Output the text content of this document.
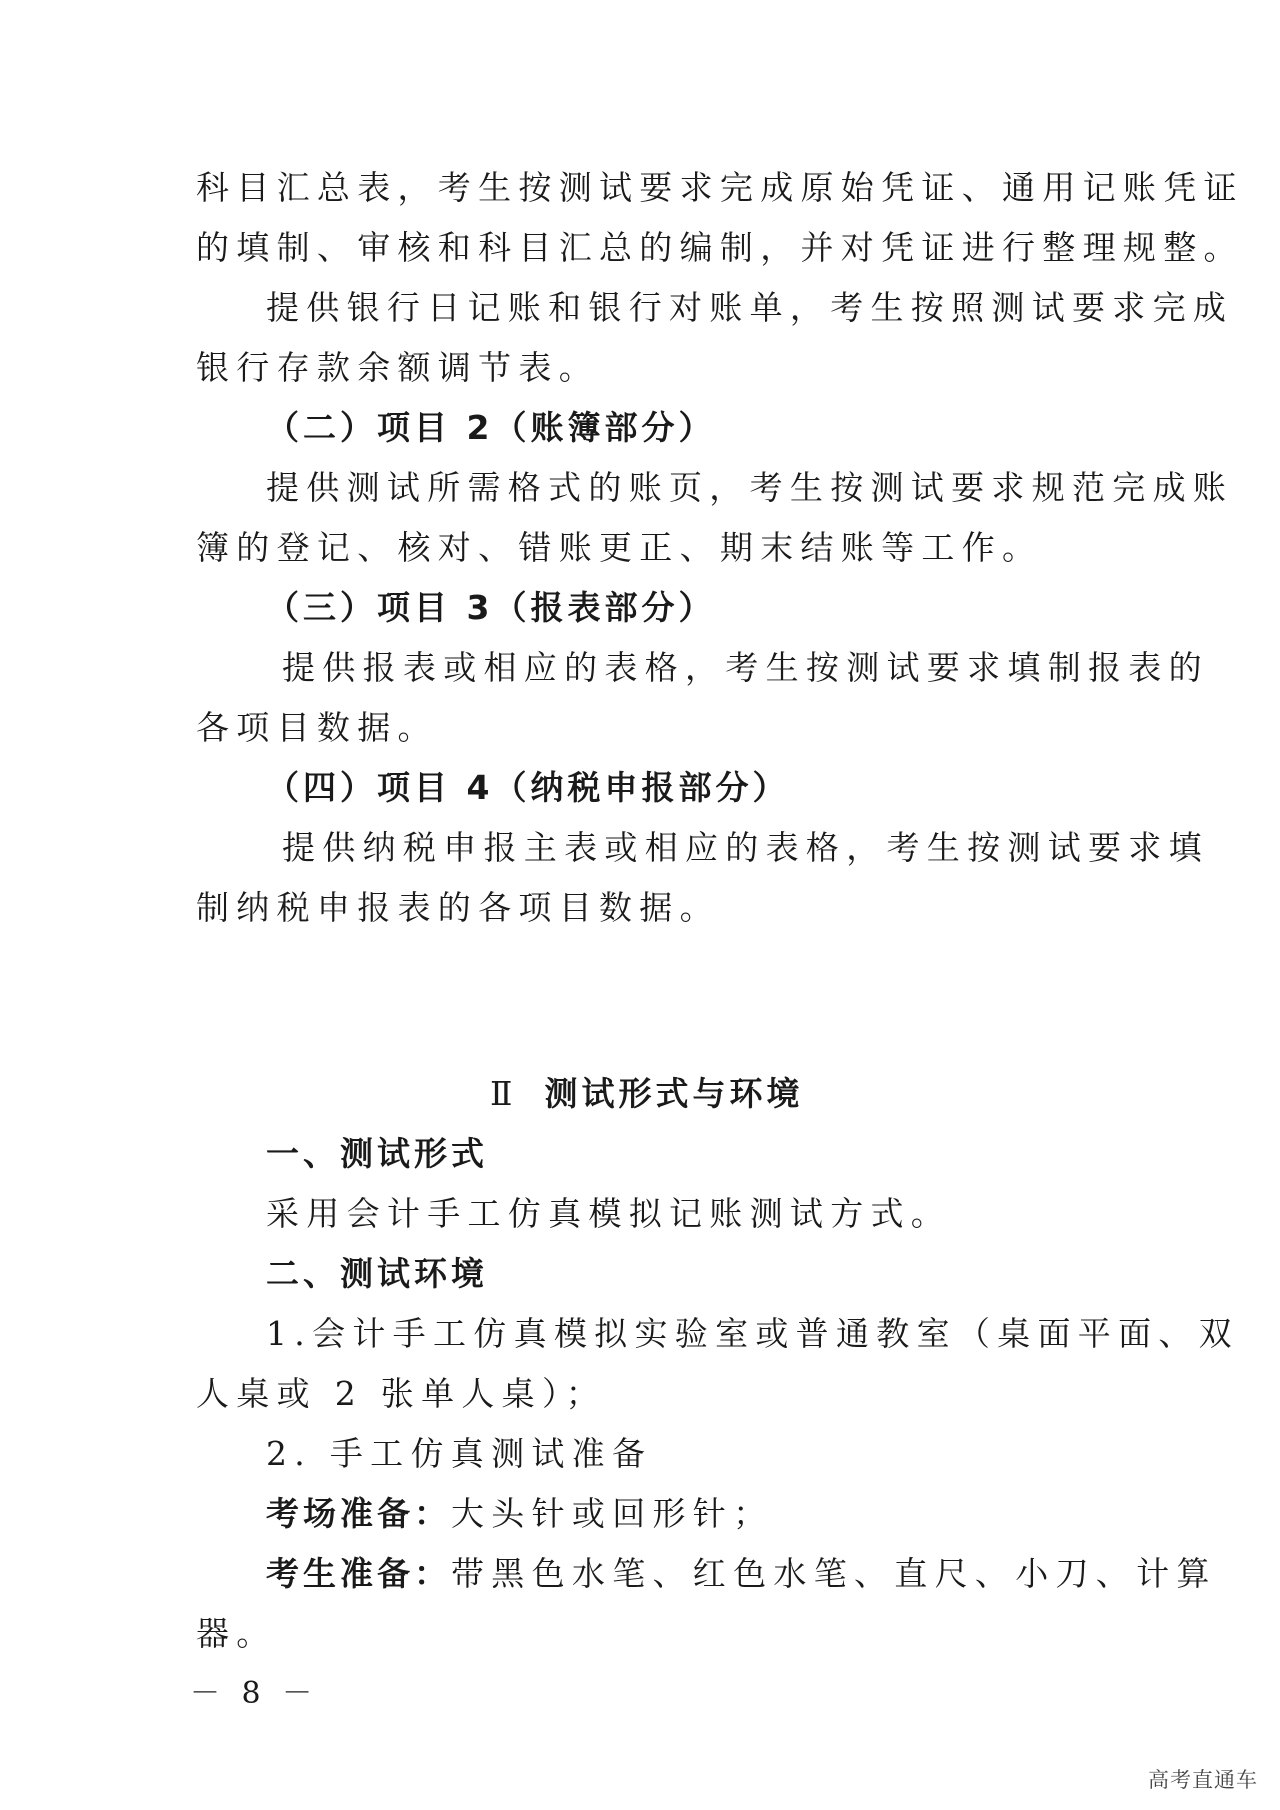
科目汇总表，考生按测试要求完成原始凭证、通用记账凭证
的填制、审核和科目汇总的编制，并对凭证进行整理规整。
提供银行日记账和银行对账单，考生按照测试要求完成
银行存款余额调节表。
（二）项目 2（账簿部分）
提供测试所需格式的账页，考生按测试要求规范完成账
簿的登记、核对、错账更正、期末结账等工作。
（三）项目 3（报表部分）
提供报表或相应的表格，考生按测试要求填制报表的
各项目数据。
（四）项目 4（纳税申报部分）
提供纳税申报主表或相应的表格，考生按测试要求填
制纳税申报表的各项目数据。
Ⅱ 测试形式与环境
一、测试形式
采用会计手工仿真模拟记账测试方式。
二、测试环境
1.会计手工仿真模拟实验室或普通教室（桌面平面、双
人桌或 2 张单人桌）；
2. 手工仿真测试准备
考场准备：大头针或回形针；
考生准备：带黑色水笔、红色水笔、直尺、小刀、计算
器。
－ 8 －
高考直通车
